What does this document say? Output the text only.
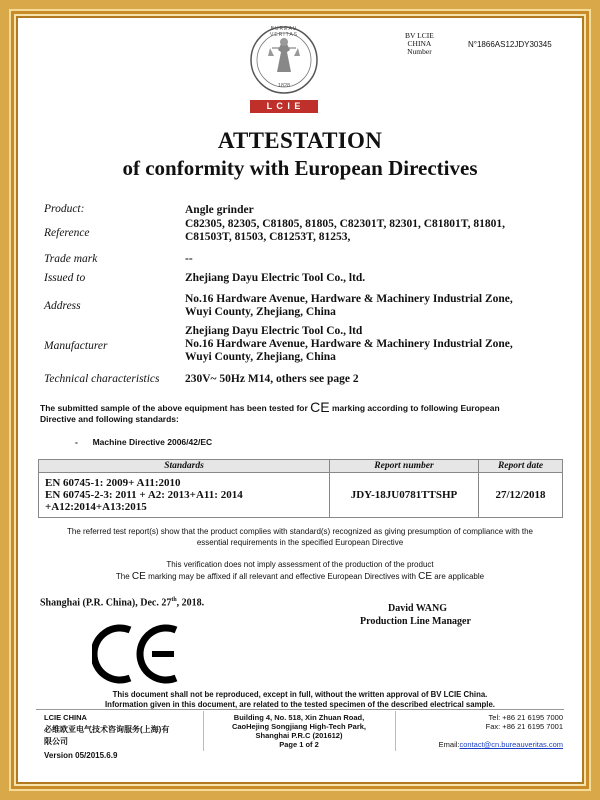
BUREAU VERITAS
1828
L C I E
BV LCIE
CHINA
Number
N°1866AS12JDY30345
ATTESTATION
of conformity with European Directives
Product:	Angle grinder
Reference
C82305, 82305, C81805, 81805, C82301T, 82301, C81801T, 81801,
C81503T, 81503, C81253T, 81253,
Trade mark	--
Issued to	Zhejiang Dayu Electric Tool Co., ltd.
Address
No.16 Hardware Avenue, Hardware & Machinery Industrial Zone,
Wuyi County, Zhejiang, China
Manufacturer
Zhejiang Dayu Electric Tool Co., ltd
No.16 Hardware Avenue, Hardware & Machinery Industrial Zone,
Wuyi County, Zhejiang, China
Technical characteristics 230V~ 50Hz M14, others see page 2
The submitted sample of the above equipment has been tested for CE marking according to following European
Directive and following standards:
- Machine Directive 2006/42/EC
Standards	Report number	Report date

EN 60745-1: 2009+ A11:2010
EN 60745-2-3: 2011 + A2: 2013+A11: 2014
+A12:2014+A13:2015	JDY-18JU0781TTSHP	27/12/2018
The referred test report(s) show that the product complies with standard(s) recognized as giving presumption of compliance with the
essential requirements in the specified European Directive
This verification does not imply assessment of the production of the product
The CE marking may be affixed if all relevant and effective European Directives with CE are applicable
Shanghai (P.R. China), Dec. 27th, 2018.
David WANG
Production Line Manager
This document shall not be reproduced, except in full, without the written approval of BV LCIE China.
Information given in this document, are related to the tested specimen of the described electrical sample.
LCIE CHINA
必维欧亚电气技术咨询服务(上海)有
限公司
Version 05/2015.6.9
Building 4, No. 518, Xin Zhuan Road,
CaoHejing Songjiang High-Tech Park,
Shanghai P.R.C (201612)
Page 1 of 2
Tel: +86 21 6195 7000
Fax: +86 21 6195 7001
Email:contact@cn.bureauveritas.com
